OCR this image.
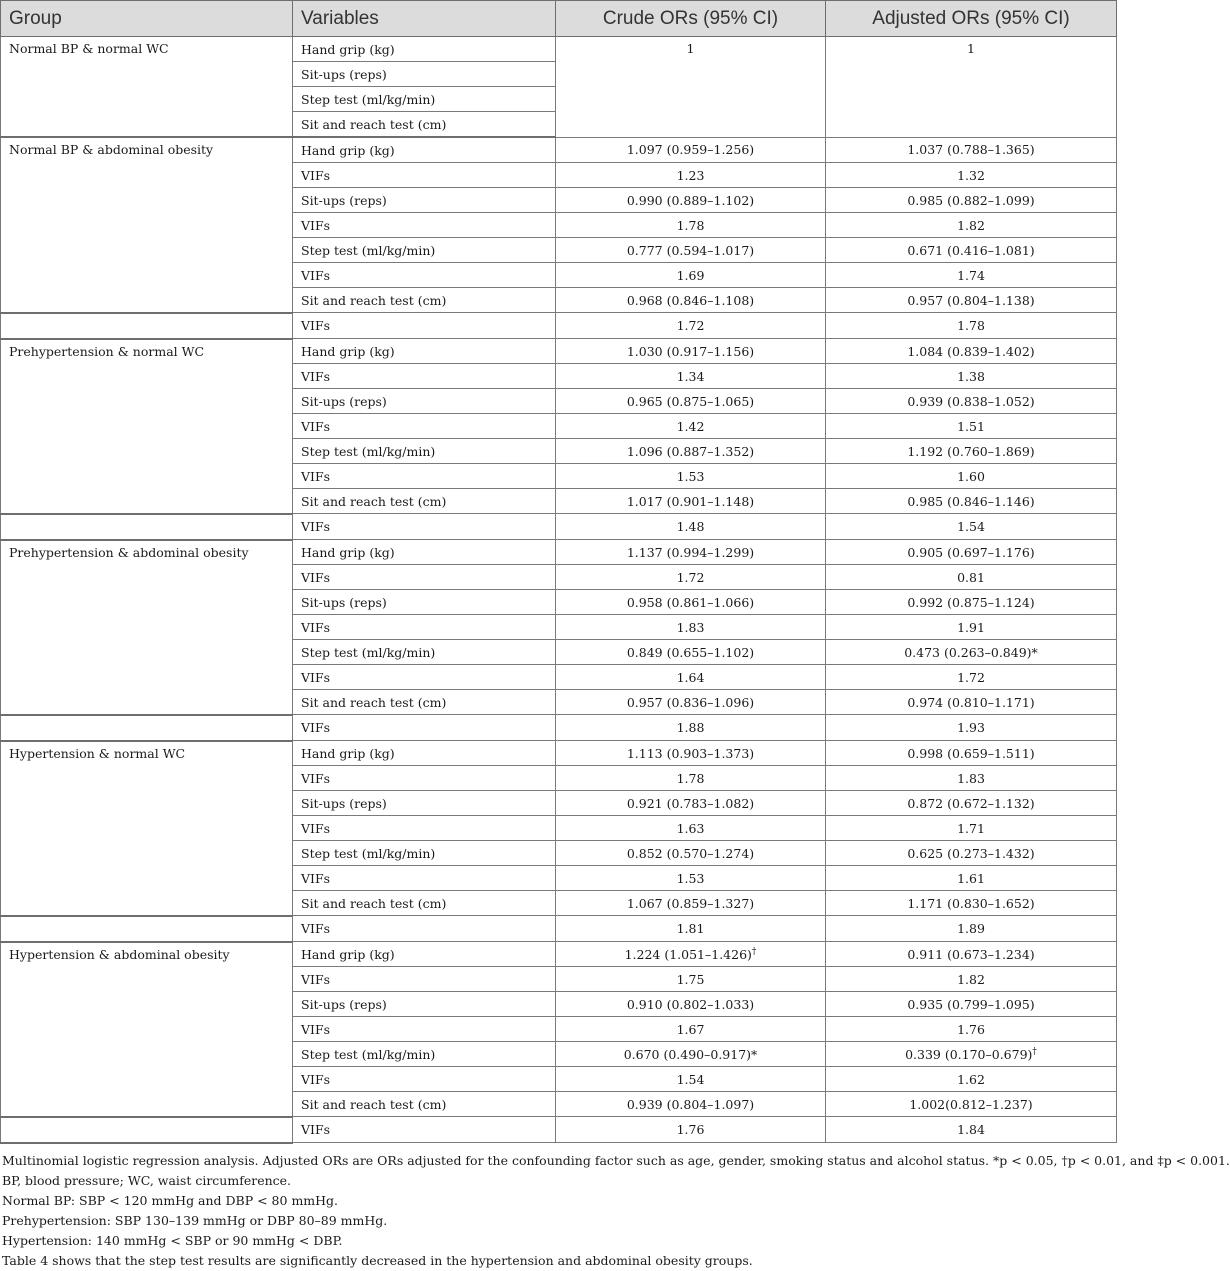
Group	Variables	Crude ORs (95% CI)	Adjusted ORs (95% CI)
Normal BP & normal WC	Hand grip (kg)	1	1
	Sit-ups (reps)		
	Step test (ml/kg/min)		
	Sit and reach test (cm)		
Normal BP & abdominal obesity	Hand grip (kg)	1.097 (0.959–1.256)	1.037 (0.788–1.365)
	VIFs	1.23	1.32
	Sit-ups (reps)	0.990 (0.889–1.102)	0.985 (0.882–1.099)
	VIFs	1.78	1.82
	Step test (ml/kg/min)	0.777 (0.594–1.017)	0.671 (0.416–1.081)
	VIFs	1.69	1.74
	Sit and reach test (cm)	0.968 (0.846–1.108)	0.957 (0.804–1.138)
	VIFs	1.72	1.78
Prehypertension & normal WC	Hand grip (kg)	1.030 (0.917–1.156)	1.084 (0.839–1.402)
	VIFs	1.34	1.38
	Sit-ups (reps)	0.965 (0.875–1.065)	0.939 (0.838–1.052)
	VIFs	1.42	1.51
	Step test (ml/kg/min)	1.096 (0.887–1.352)	1.192 (0.760–1.869)
	VIFs	1.53	1.60
	Sit and reach test (cm)	1.017 (0.901–1.148)	0.985 (0.846–1.146)
	VIFs	1.48	1.54
Prehypertension & abdominal obesity	Hand grip (kg)	1.137 (0.994–1.299)	0.905 (0.697–1.176)
	VIFs	1.72	0.81
	Sit-ups (reps)	0.958 (0.861–1.066)	0.992 (0.875–1.124)
	VIFs	1.83	1.91
	Step test (ml/kg/min)	0.849 (0.655–1.102)	0.473 (0.263–0.849)*
	VIFs	1.64	1.72
	Sit and reach test (cm)	0.957 (0.836–1.096)	0.974 (0.810–1.171)
	VIFs	1.88	1.93
Hypertension & normal WC	Hand grip (kg)	1.113 (0.903–1.373)	0.998 (0.659–1.511)
	VIFs	1.78	1.83
	Sit-ups (reps)	0.921 (0.783–1.082)	0.872 (0.672–1.132)
	VIFs	1.63	1.71
	Step test (ml/kg/min)	0.852 (0.570–1.274)	0.625 (0.273–1.432)
	VIFs	1.53	1.61
	Sit and reach test (cm)	1.067 (0.859–1.327)	1.171 (0.830–1.652)
	VIFs	1.81	1.89
Hypertension & abdominal obesity	Hand grip (kg)	1.224 (1.051–1.426)†	0.911 (0.673–1.234)
	VIFs	1.75	1.82
	Sit-ups (reps)	0.910 (0.802–1.033)	0.935 (0.799–1.095)
	VIFs	1.67	1.76
	Step test (ml/kg/min)	0.670 (0.490–0.917)*	0.339 (0.170–0.679)†
	VIFs	1.54	1.62
	Sit and reach test (cm)	0.939 (0.804–1.097)	1.002(0.812–1.237)
	VIFs	1.76	1.84

Multinomial logistic regression analysis. Adjusted ORs are ORs adjusted for the confounding factor such as age, gender, smoking status and alcohol status. *p < 0.05, †p < 0.01, and ‡p < 0.001.

BP, blood pressure; WC, waist circumference.

Normal BP: SBP < 120 mmHg and DBP < 80 mmHg.

Prehypertension: SBP 130–139 mmHg or DBP 80–89 mmHg.

Hypertension: 140 mmHg < SBP or 90 mmHg < DBP.

Table 4 shows that the step test results are significantly decreased in the hypertension and abdominal obesity groups.
